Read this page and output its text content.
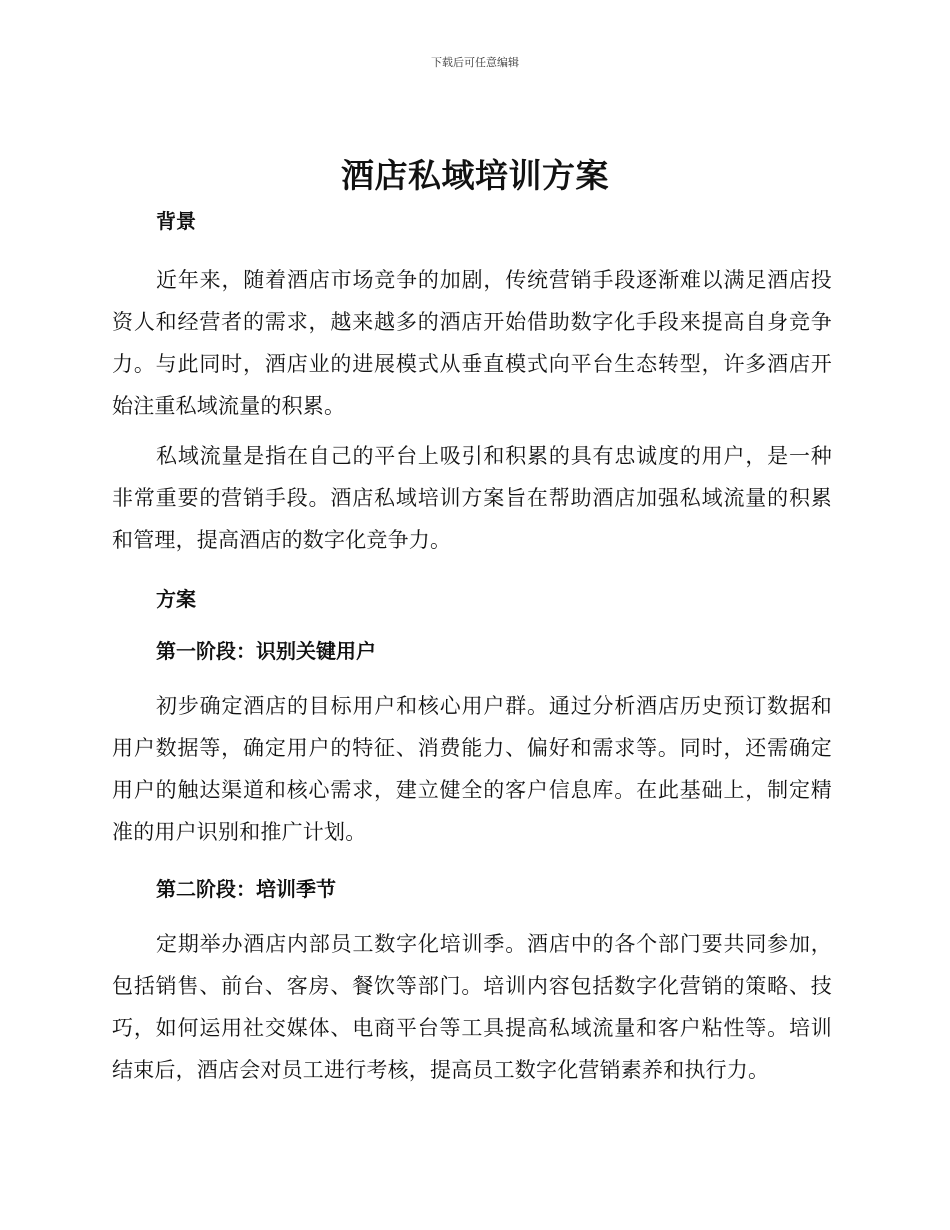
下载后可任意编辑
酒店私域培训方案
背景

近年来，随着酒店市场竞争的加剧，传统营销手段逐渐难以满足酒店投资人和经营者的需求，越来越多的酒店开始借助数字化手段来提高自身竞争力。与此同时，酒店业的进展模式从垂直模式向平台生态转型，许多酒店开始注重私域流量的积累。

私域流量是指在自己的平台上吸引和积累的具有忠诚度的用户，是一种非常重要的营销手段。酒店私域培训方案旨在帮助酒店加强私域流量的积累和管理，提高酒店的数字化竞争力。

方案
第一阶段：识别关键用户

初步确定酒店的目标用户和核心用户群。通过分析酒店历史预订数据和用户数据等，确定用户的特征、消费能力、偏好和需求等。同时，还需确定用户的触达渠道和核心需求，建立健全的客户信息库。在此基础上，制定精准的用户识别和推广计划。

第二阶段：培训季节

定期举办酒店内部员工数字化培训季。酒店中的各个部门要共同参加，包括销售、前台、客房、餐饮等部门。培训内容包括数字化营销的策略、技巧，如何运用社交媒体、电商平台等工具提高私域流量和客户粘性等。培训结束后，酒店会对员工进行考核，提高员工数字化营销素养和执行力。
